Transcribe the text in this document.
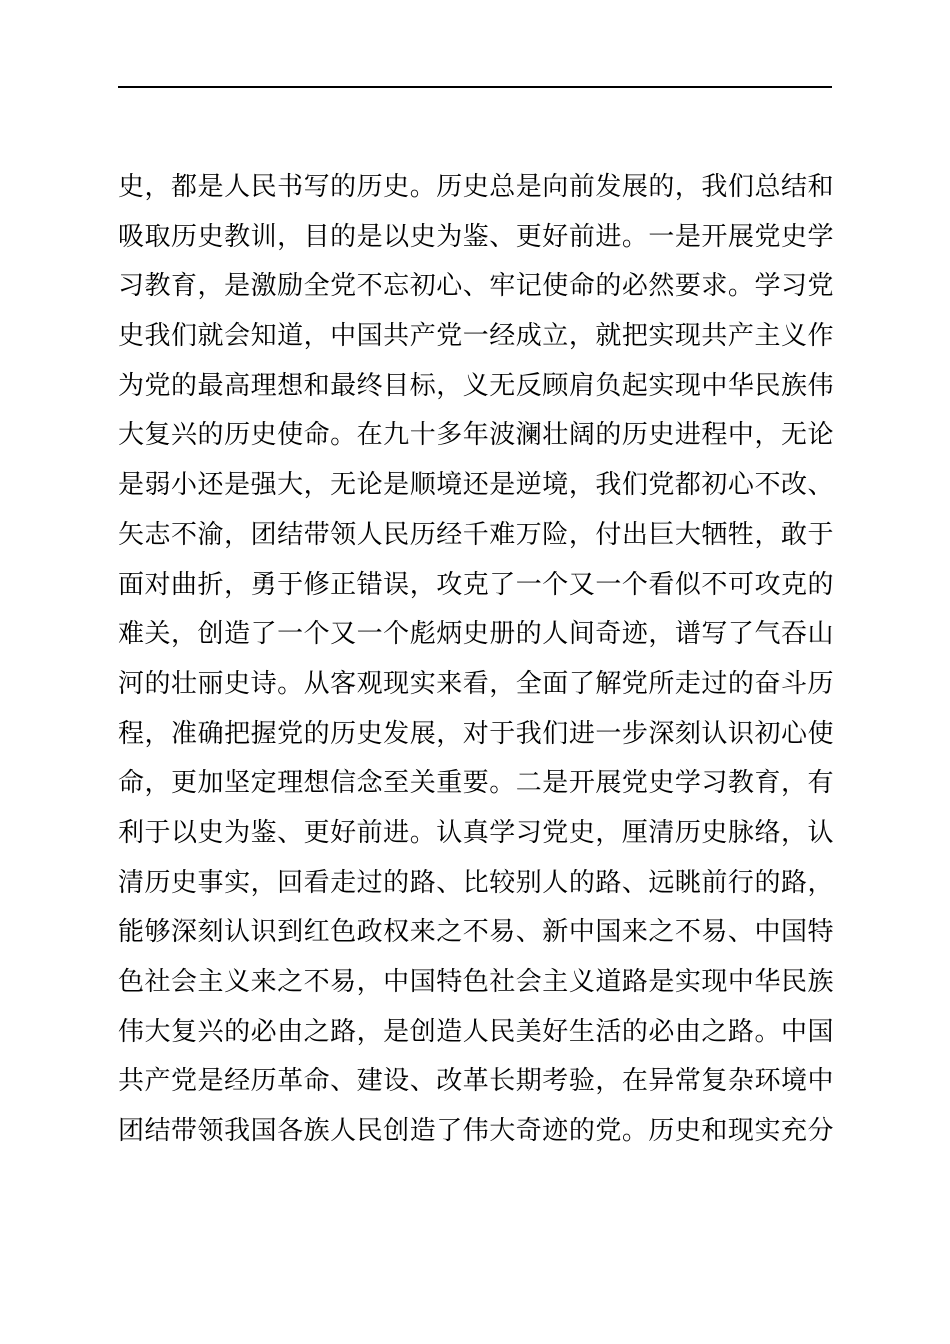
史，都是人民书写的历史。历史总是向前发展的，我们总结和
吸取历史教训，目的是以史为鉴、更好前进。一是开展党史学
习教育，是激励全党不忘初心、牢记使命的必然要求。学习党
史我们就会知道，中国共产党一经成立，就把实现共产主义作
为党的最高理想和最终目标，义无反顾肩负起实现中华民族伟
大复兴的历史使命。在九十多年波澜壮阔的历史进程中，无论
是弱小还是强大，无论是顺境还是逆境，我们党都初心不改、
矢志不渝，团结带领人民历经千难万险，付出巨大牺牲，敢于
面对曲折，勇于修正错误，攻克了一个又一个看似不可攻克的
难关，创造了一个又一个彪炳史册的人间奇迹，谱写了气吞山
河的壮丽史诗。从客观现实来看，全面了解党所走过的奋斗历
程，准确把握党的历史发展，对于我们进一步深刻认识初心使
命，更加坚定理想信念至关重要。二是开展党史学习教育，有
利于以史为鉴、更好前进。认真学习党史，厘清历史脉络，认
清历史事实，回看走过的路、比较别人的路、远眺前行的路，
能够深刻认识到红色政权来之不易、新中国来之不易、中国特
色社会主义来之不易，中国特色社会主义道路是实现中华民族
伟大复兴的必由之路，是创造人民美好生活的必由之路。中国
共产党是经历革命、建设、改革长期考验，在异常复杂环境中
团结带领我国各族人民创造了伟大奇迹的党。历史和现实充分
